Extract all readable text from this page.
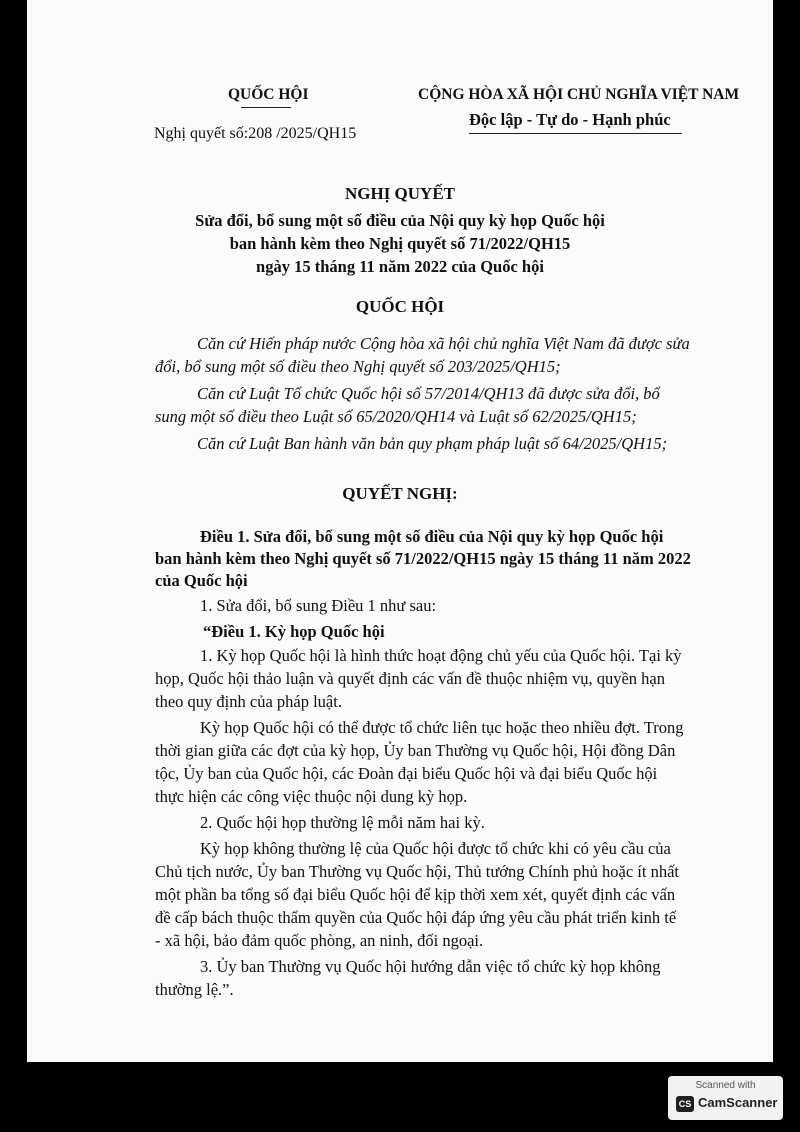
QUỐC HỘI
Nghị quyết số:208 /2025/QH15
CỘNG HÒA XÃ HỘI CHỦ NGHĨA VIỆT NAM
Độc lập - Tự do - Hạnh phúc
NGHỊ QUYẾT
Sửa đổi, bổ sung một số điều của Nội quy kỳ họp Quốc hội
ban hành kèm theo Nghị quyết số 71/2022/QH15
ngày 15 tháng 11 năm 2022 của Quốc hội
QUỐC HỘI
Căn cứ Hiến pháp nước Cộng hòa xã hội chủ nghĩa Việt Nam đã được sửa
đổi, bổ sung một số điều theo Nghị quyết số 203/2025/QH15;
Căn cứ Luật Tổ chức Quốc hội số 57/2014/QH13 đã được sửa đổi, bổ
sung một số điều theo Luật số 65/2020/QH14 và Luật số 62/2025/QH15;
Căn cứ Luật Ban hành văn bản quy phạm pháp luật số 64/2025/QH15;
QUYẾT NGHỊ:
Điều 1. Sửa đổi, bổ sung một số điều của Nội quy kỳ họp Quốc hội
ban hành kèm theo Nghị quyết số 71/2022/QH15 ngày 15 tháng 11 năm 2022
của Quốc hội
1. Sửa đổi, bổ sung Điều 1 như sau:
“Điều 1. Kỳ họp Quốc hội
1. Kỳ họp Quốc hội là hình thức hoạt động chủ yếu của Quốc hội. Tại kỳ
họp, Quốc hội thảo luận và quyết định các vấn đề thuộc nhiệm vụ, quyền hạn
theo quy định của pháp luật.
Kỳ họp Quốc hội có thể được tổ chức liên tục hoặc theo nhiều đợt. Trong
thời gian giữa các đợt của kỳ họp, Ủy ban Thường vụ Quốc hội, Hội đồng Dân
tộc, Ủy ban của Quốc hội, các Đoàn đại biểu Quốc hội và đại biểu Quốc hội
thực hiện các công việc thuộc nội dung kỳ họp.
2. Quốc hội họp thường lệ mỗi năm hai kỳ.
Kỳ họp không thường lệ của Quốc hội được tổ chức khi có yêu cầu của
Chủ tịch nước, Ủy ban Thường vụ Quốc hội, Thủ tướng Chính phủ hoặc ít nhất
một phần ba tổng số đại biểu Quốc hội để kịp thời xem xét, quyết định các vấn
đề cấp bách thuộc thẩm quyền của Quốc hội đáp ứng yêu cầu phát triển kinh tế
- xã hội, bảo đảm quốc phòng, an ninh, đối ngoại.
3. Ủy ban Thường vụ Quốc hội hướng dẫn việc tổ chức kỳ họp không
thường lệ.”.
Scanned with
CS CamScanner
